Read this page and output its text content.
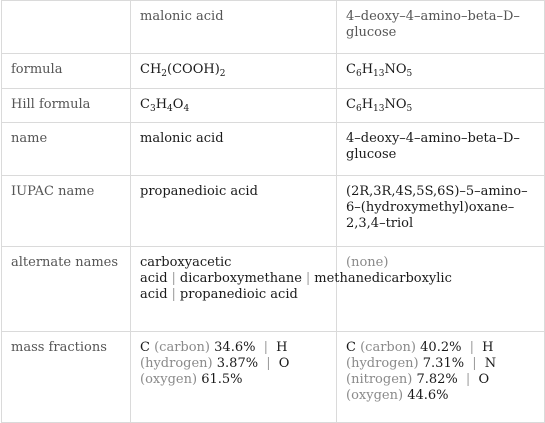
	malonic acid	4–deoxy–4–amino–beta–D–glucose
formula	$CH_2(COOH)_2$	$C_6H_{13}NO_5$
Hill formula	$C_3H_4O_4$	$C_6H_{13}NO_5$
name	malonic acid	4–deoxy–4–amino–beta–D–glucose
IUPAC name	propanedioic acid	(2R,3R,4S,5S,6S)–5–amino–6–(hydroxymethyl)oxane–2,3,4–triol
alternate names	carboxyacetic acid | dicarboxymethane | methanedicarboxylic acid | propanedioic acid	(none)
mass fractions	C (carbon) 34.6% | H (hydrogen) 3.87% | O (oxygen) 61.5%	C (carbon) 40.2% | H (hydrogen) 7.31% | N (nitrogen) 7.82% | O (oxygen) 44.6%
